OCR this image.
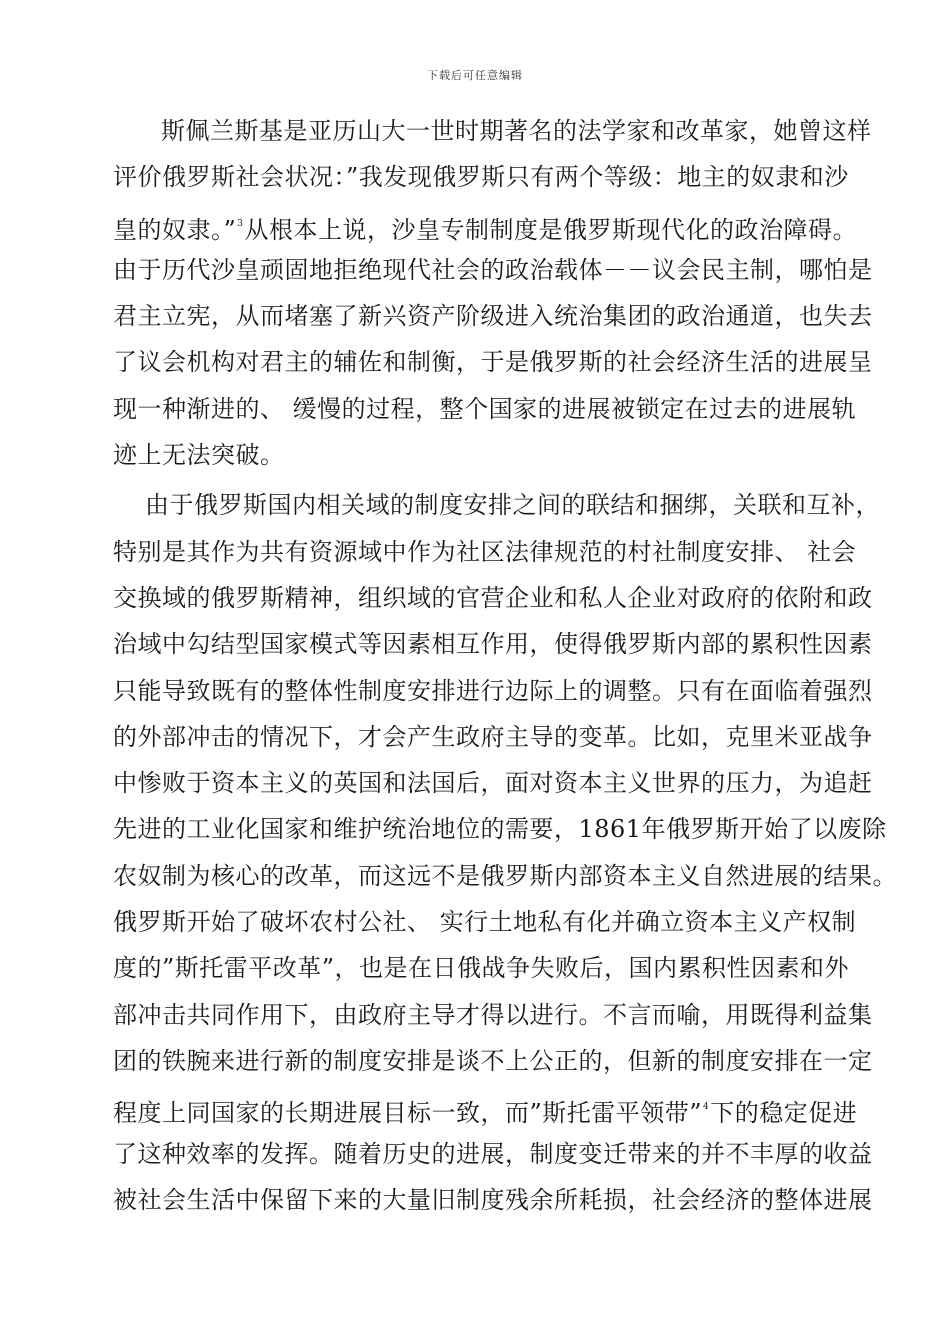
下载后可任意编辑
斯佩兰斯基是亚历山大一世时期著名的法学家和改革家，她曾这样
评价俄罗斯社会状况：”我发现俄罗斯只有两个等级：地主的奴隶和沙
皇的奴隶。”$^3$从根本上说，沙皇专制制度是俄罗斯现代化的政治障碍。
由于历代沙皇顽固地拒绝现代社会的政治载体－－议会民主制，哪怕是
君主立宪，从而堵塞了新兴资产阶级进入统治集团的政治通道，也失去
了议会机构对君主的辅佐和制衡，于是俄罗斯的社会经济生活的进展呈
现一种渐进的、 缓慢的过程，整个国家的进展被锁定在过去的进展轨
迹上无法突破。
由于俄罗斯国内相关域的制度安排之间的联结和捆绑，关联和互补，
特别是其作为共有资源域中作为社区法律规范的村社制度安排、 社会
交换域的俄罗斯精神，组织域的官营企业和私人企业对政府的依附和政
治域中勾结型国家模式等因素相互作用，使得俄罗斯内部的累积性因素
只能导致既有的整体性制度安排进行边际上的调整。只有在面临着强烈
的外部冲击的情况下，才会产生政府主导的变革。比如，克里米亚战争
中惨败于资本主义的英国和法国后，面对资本主义世界的压力，为追赶
先进的工业化国家和维护统治地位的需要，1861年俄罗斯开始了以废除
农奴制为核心的改革，而这远不是俄罗斯内部资本主义自然进展的结果。
俄罗斯开始了破坏农村公社、 实行土地私有化并确立资本主义产权制
度的”斯托雷平改革”，也是在日俄战争失败后，国内累积性因素和外
部冲击共同作用下，由政府主导才得以进行。不言而喻，用既得利益集
团的铁腕来进行新的制度安排是谈不上公正的，但新的制度安排在一定
程度上同国家的长期进展目标一致，而”斯托雷平领带”$^4$下的稳定促进
了这种效率的发挥。随着历史的进展，制度变迁带来的并不丰厚的收益
被社会生活中保留下来的大量旧制度残余所耗损，社会经济的整体进展
